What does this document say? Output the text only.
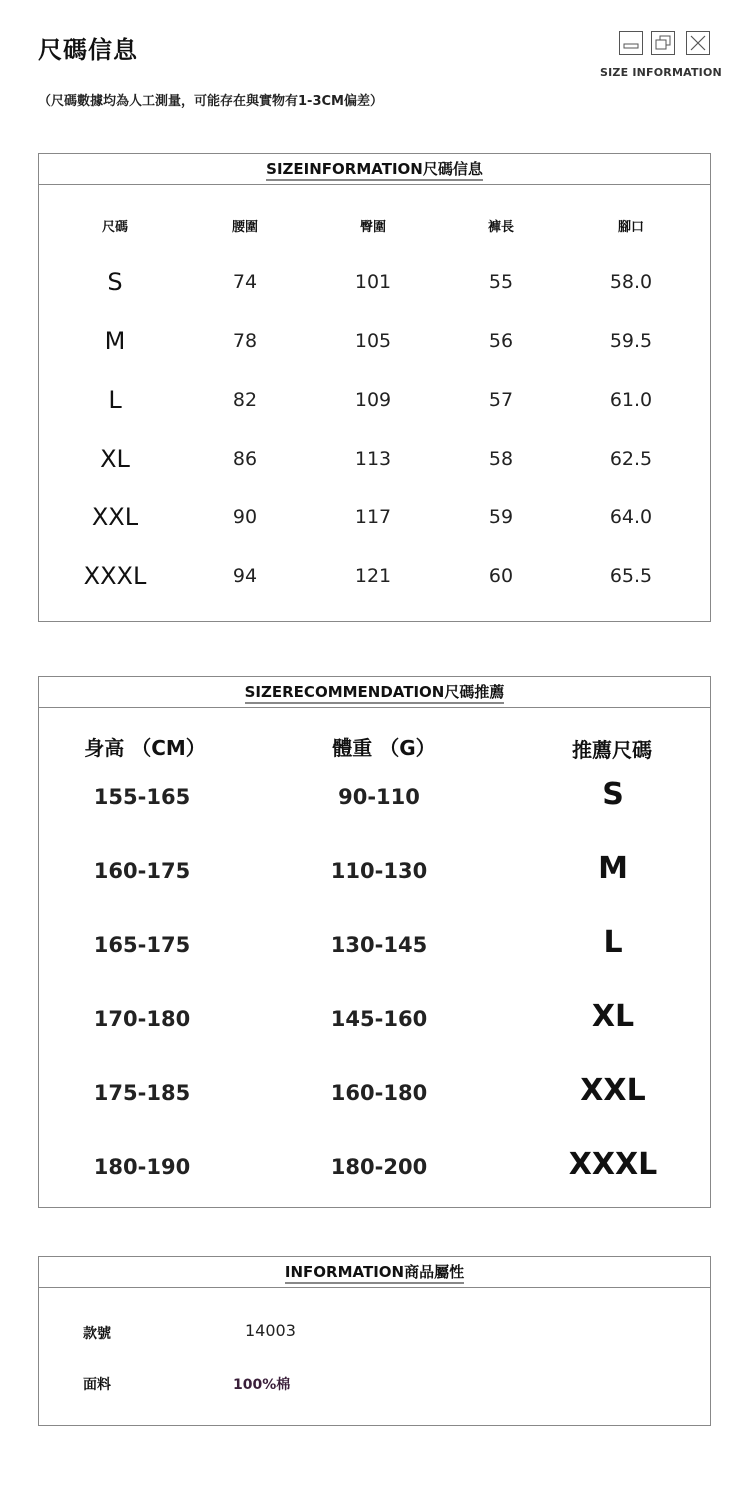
尺碼信息
（尺碼數據均為人工測量，可能存在與實物有1-3CM偏差）
SIZE INFORMATION
SIZEINFORMATION尺碼信息
尺碼	腰圍	臀圍	褲長	腳口
S	74	101	55	58.0
M	78	105	56	59.5
L	82	109	57	61.0
XL	86	113	58	62.5
XXL	90	117	59	64.0
XXXL	94	121	60	65.5
SIZERECOMMENDATION尺碼推薦
身高 （CM）	體重 （G）	推薦尺碼
155-165	90-110	S
160-175	110-130	M
165-175	130-145	L
170-180	145-160	XL
175-185	160-180	XXL
180-190	180-200	XXXL
INFORMATION商品屬性
款號	14003
面料	100%棉
